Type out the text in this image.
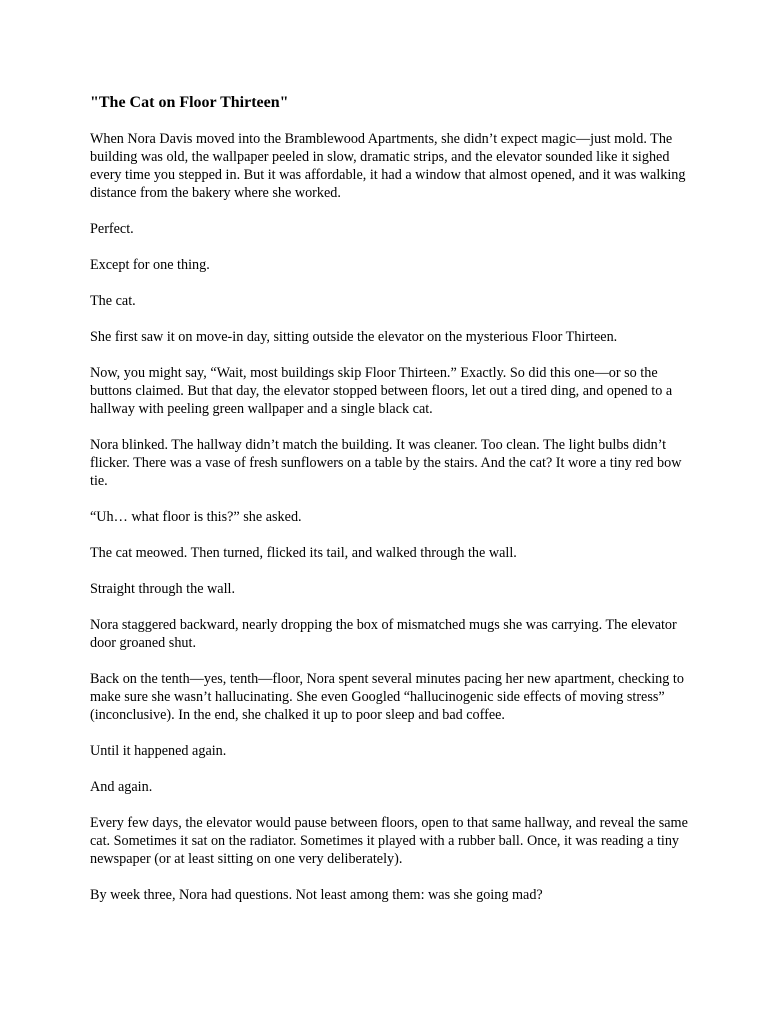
"The Cat on Floor Thirteen"

When Nora Davis moved into the Bramblewood Apartments, she didn’t expect magic—just mold. The building was old, the wallpaper peeled in slow, dramatic strips, and the elevator sounded like it sighed every time you stepped in. But it was affordable, it had a window that almost opened, and it was walking distance from the bakery where she worked.

Perfect.

Except for one thing.

The cat.

She first saw it on move-in day, sitting outside the elevator on the mysterious Floor Thirteen.

Now, you might say, “Wait, most buildings skip Floor Thirteen.” Exactly. So did this one—or so the buttons claimed. But that day, the elevator stopped between floors, let out a tired ding, and opened to a hallway with peeling green wallpaper and a single black cat.

Nora blinked. The hallway didn’t match the building. It was cleaner. Too clean. The light bulbs didn’t flicker. There was a vase of fresh sunflowers on a table by the stairs. And the cat? It wore a tiny red bow tie.

“Uh… what floor is this?” she asked.

The cat meowed. Then turned, flicked its tail, and walked through the wall.

Straight through the wall.

Nora staggered backward, nearly dropping the box of mismatched mugs she was carrying. The elevator door groaned shut.

Back on the tenth—yes, tenth—floor, Nora spent several minutes pacing her new apartment, checking to make sure she wasn’t hallucinating. She even Googled “hallucinogenic side effects of moving stress” (inconclusive). In the end, she chalked it up to poor sleep and bad coffee.

Until it happened again.

And again.

Every few days, the elevator would pause between floors, open to that same hallway, and reveal the same cat. Sometimes it sat on the radiator. Sometimes it played with a rubber ball. Once, it was reading a tiny newspaper (or at least sitting on one very deliberately).

By week three, Nora had questions. Not least among them: was she going mad?
